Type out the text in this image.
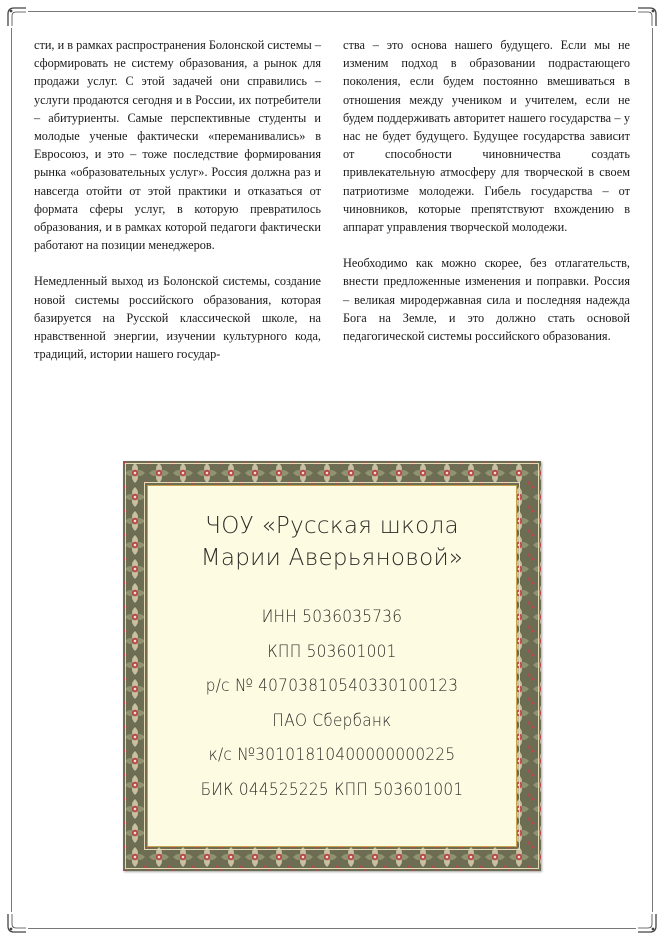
сти, и в рамках распространения Болонской системы – сформировать не систему образования, а рынок для продажи услуг. С этой задачей они справились – услуги продаются сегодня и в России, их потребители – абитуриенты. Самые перспективные студенты и молодые ученые фактически «переманивались» в Евросоюз, и это – тоже последствие формирования рынка «образовательных услуг». Россия должна раз и навсегда отойти от этой практики и отказаться от формата сферы услуг, в которую превратилось образования, и в рамках которой педагоги фактически работают на позиции менеджеров.

Немедленный выход из Болонской системы, создание новой системы российского образования, которая базируется на Русской классической школе, на нравственной энергии, изучении культурного кода, традиций, истории нашего государ-

ства – это основа нашего будущего. Если мы не изменим подход в образовании подрастающего поколения, если будем постоянно вмешиваться в отношения между учеником и учителем, если не будем поддерживать авторитет нашего государства – у нас не будет будущего. Будущее государства зависит от способности чиновничества создать привлекательную атмосферу для творческой в своем патриотизме молодежи. Гибель государства – от чиновников, которые препятствуют вхождению в аппарат управления творческой молодежи.

Необходимо как можно скорее, без отлагательств, внести предложенные изменения и поправки. Россия – великая миродержавная сила и последняя надежда Бога на Земле, и это должно стать основой педагогической системы российского образования.

ЧОУ «Русская школа
Марии Аверьяновой»
ИНН 5036035736
КПП 503601001
р/с № 40703810540330100123
ПАО Сбербанк
к/с №30101810400000000225
БИК 044525225 КПП 503601001
